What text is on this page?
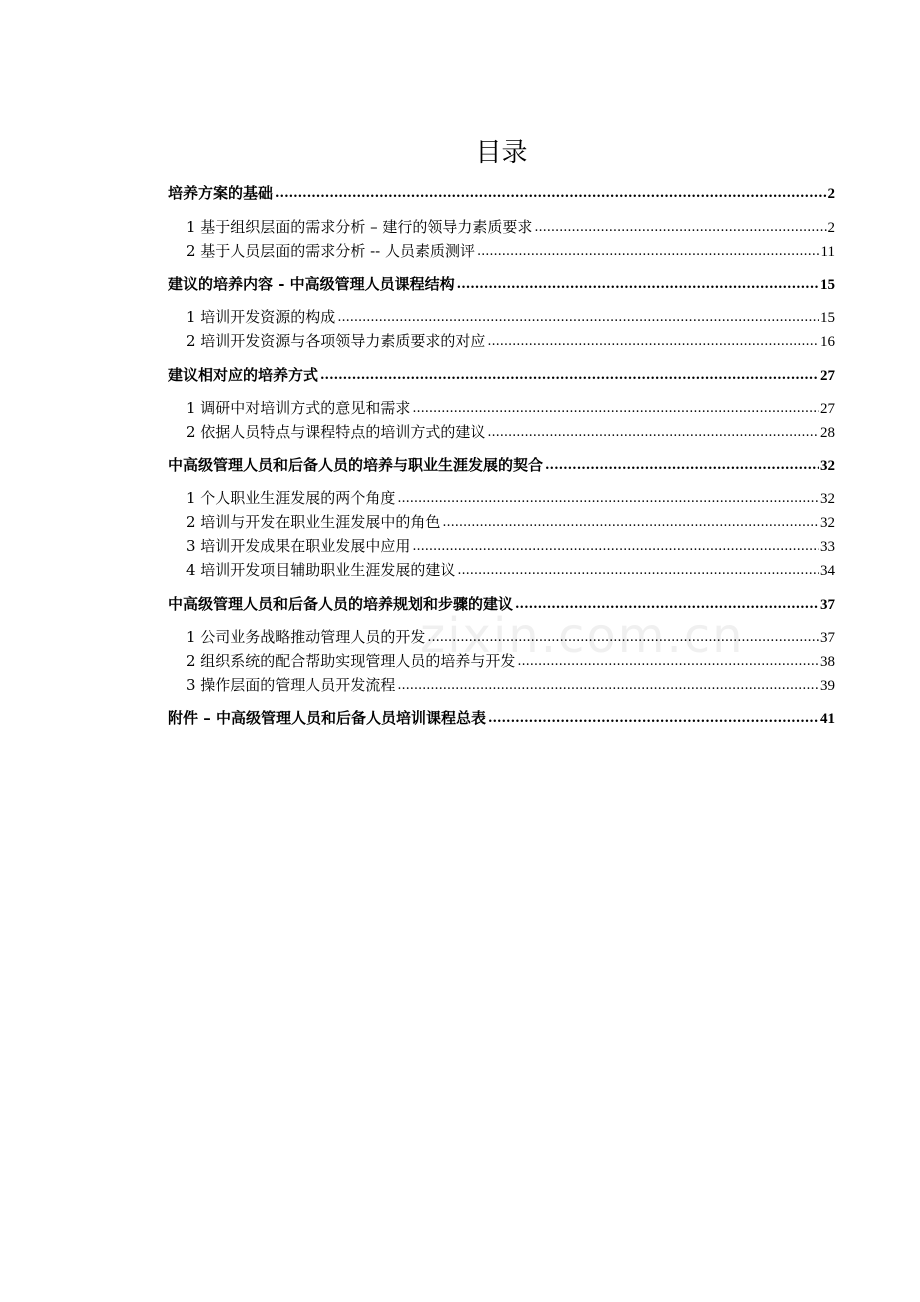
目录
培养方案的基础 .....	2
1 基于组织层面的需求分析 – 建行的领导力素质要求 .....	2
2 基于人员层面的需求分析 -- 人员素质测评 .....	11
建议的培养内容 - 中高级管理人员课程结构 .....	15
1 培训开发资源的构成 .....	15
2 培训开发资源与各项领导力素质要求的对应 .....	16
建议相对应的培养方式 .....	27
1 调研中对培训方式的意见和需求 .....	27
2 依据人员特点与课程特点的培训方式的建议 .....	28
中高级管理人员和后备人员的培养与职业生涯发展的契合 .....	32
1 个人职业生涯发展的两个角度 .....	32
2 培训与开发在职业生涯发展中的角色 .....	32
3 培训开发成果在职业发展中应用 .....	33
4 培训开发项目辅助职业生涯发展的建议 .....	34
中高级管理人员和后备人员的培养规划和步骤的建议 .....	37
1 公司业务战略推动管理人员的开发 .....	37
2 组织系统的配合帮助实现管理人员的培养与开发 .....	38
3 操作层面的管理人员开发流程 .....	39
附件 – 中高级管理人员和后备人员培训课程总表 .....	41
zixin.com.cn
